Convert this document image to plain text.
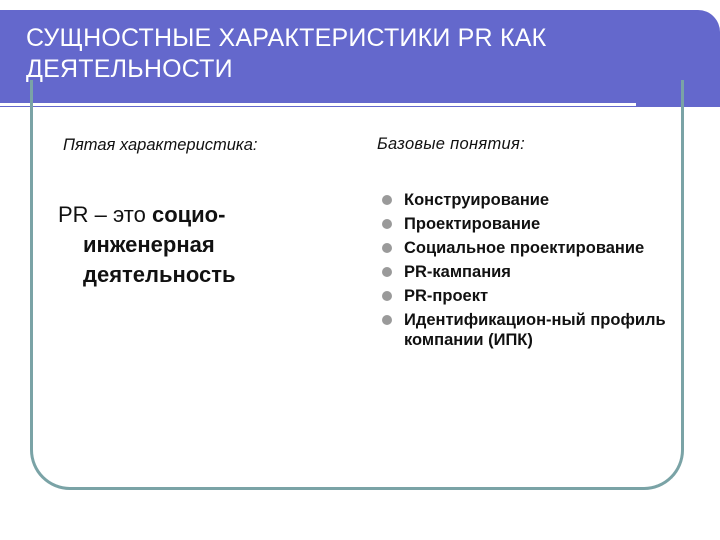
СУЩНОСТНЫЕ ХАРАКТЕРИСТИКИ PR КАК
ДЕЯТЕЛЬНОСТИ
Пятая характеристика:	Базовые понятия:
PR – это социо-
инженерная
деятельность
Конструирование
Проектирование
Социальное проектирование
PR-кампания
PR-проект
Идентификацион-ный профиль компании (ИПК)
